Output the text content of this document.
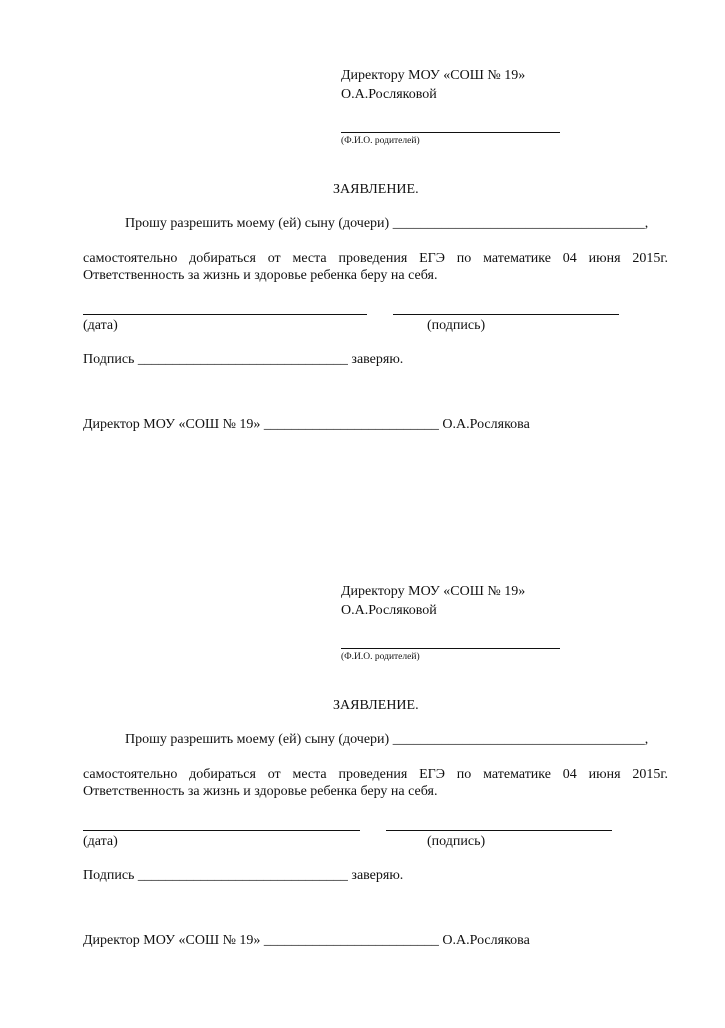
Директору МОУ «СОШ № 19»
О.А.Росляковой
(Ф.И.О. родителей)
ЗАЯВЛЕНИЕ.
Прошу разрешить моему (ей) сыну (дочери) ____________________________________,
самостоятельно добираться от места проведения ЕГЭ по математике 04 июня 2015г.
Ответственность за жизнь и здоровье ребенка беру на себя.
(дата)	(подпись)
Подпись ______________________________ заверяю.
Директор МОУ «СОШ № 19» _________________________ О.А.Рослякова
Директору МОУ «СОШ № 19»
О.А.Росляковой
(Ф.И.О. родителей)
ЗАЯВЛЕНИЕ.
Прошу разрешить моему (ей) сыну (дочери) ____________________________________,
самостоятельно добираться от места проведения ЕГЭ по математике 04 июня 2015г.
Ответственность за жизнь и здоровье ребенка беру на себя.
(дата)	(подпись)
Подпись ______________________________ заверяю.
Директор МОУ «СОШ № 19» _________________________ О.А.Рослякова
